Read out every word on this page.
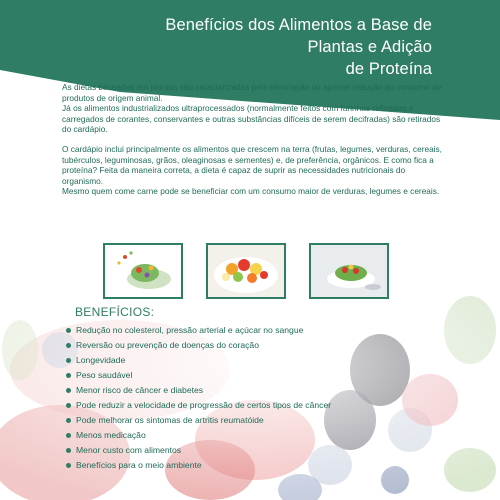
Benefícios dos Alimentos a Base de
Plantas e Adição
de Proteína

As dietas baseadas em plantas são caracterizadas pela eliminação ou apenas redução do consumo de produtos de origem animal.
Já os alimentos industrializados ultraprocessados (normalmente feitos com farinhas refinadas e carregados de corantes, conservantes e outras substâncias difíceis de serem decifradas) são retirados do cardápio.

O cardápio inclui principalmente os alimentos que crescem na terra (frutas, legumes, verduras, cereais, tubérculos, leguminosas, grãos, oleaginosas e sementes) e, de preferência, orgânicos. E como fica a proteína? Feita da maneira correta, a dieta é capaz de suprir as necessidades nutricionais do organismo.
Mesmo quem come carne pode se beneficiar com um consumo maior de verduras, legumes e cereais.

BENEFÍCIOS:
Redução no colesterol, pressão arterial e açúcar no sangue
Reversão ou prevenção de doenças do coração
Longevidade
Peso saudável
Menor risco de câncer e diabetes
Pode reduzir a velocidade de progressão de certos tipos de câncer
Pode melhorar os sintomas de artritis reumatóide
Menos medicação
Menor custo com alimentos
Benefícios para o meio ambiente
